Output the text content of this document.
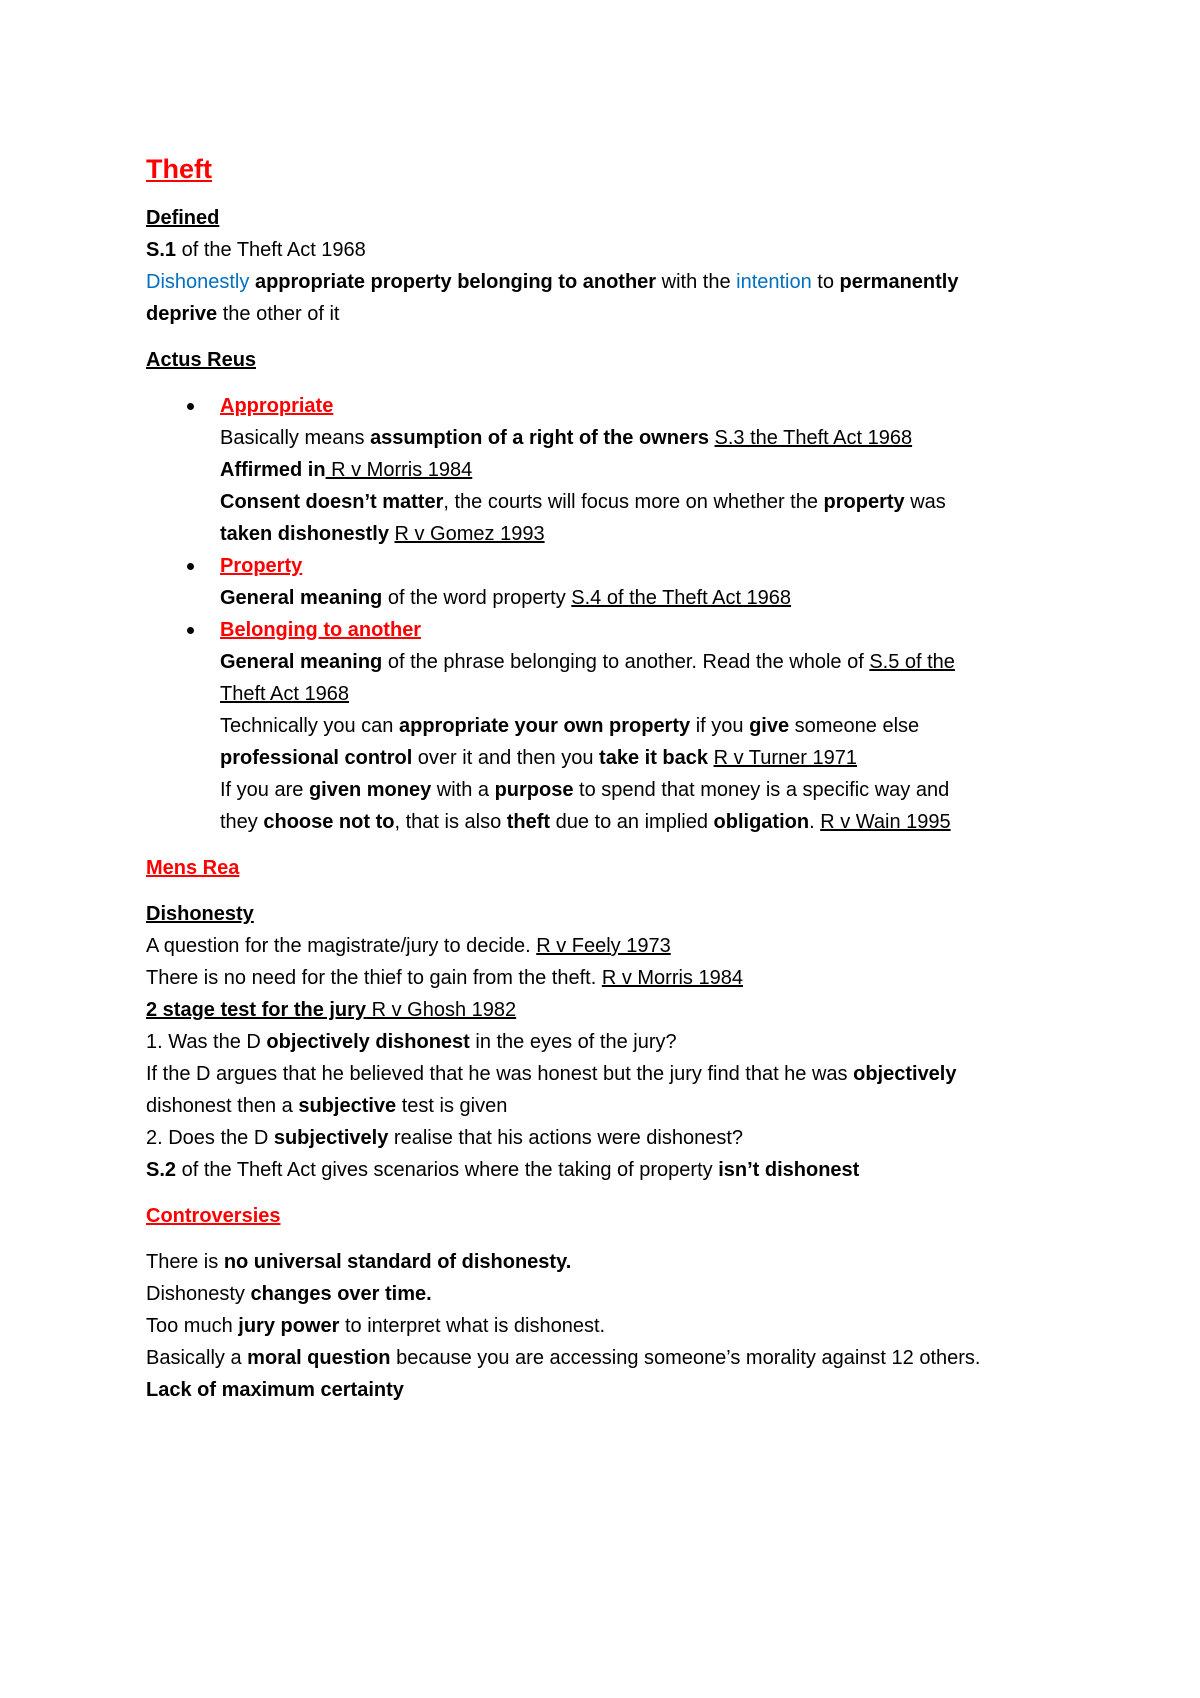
Theft
Defined
S.1 of the Theft Act 1968
Dishonestly appropriate property belonging to another with the intention to permanently
deprive the other of it
Actus Reus
Appropriate
Basically means assumption of a right of the owners S.3 the Theft Act 1968
Affirmed in R v Morris 1984
Consent doesn’t matter, the courts will focus more on whether the property was
taken dishonestly R v Gomez 1993
Property
General meaning of the word property S.4 of the Theft Act 1968
Belonging to another
General meaning of the phrase belonging to another. Read the whole of S.5 of the
Theft Act 1968
Technically you can appropriate your own property if you give someone else
professional control over it and then you take it back R v Turner 1971
If you are given money with a purpose to spend that money is a specific way and
they choose not to, that is also theft due to an implied obligation. R v Wain 1995
Mens Rea
Dishonesty
A question for the magistrate/jury to decide. R v Feely 1973
There is no need for the thief to gain from the theft. R v Morris 1984
2 stage test for the jury R v Ghosh 1982
1. Was the D objectively dishonest in the eyes of the jury?
If the D argues that he believed that he was honest but the jury find that he was objectively
dishonest then a subjective test is given
2. Does the D subjectively realise that his actions were dishonest?
S.2 of the Theft Act gives scenarios where the taking of property isn’t dishonest
Controversies
There is no universal standard of dishonesty.
Dishonesty changes over time.
Too much jury power to interpret what is dishonest.
Basically a moral question because you are accessing someone’s morality against 12 others.
Lack of maximum certainty
